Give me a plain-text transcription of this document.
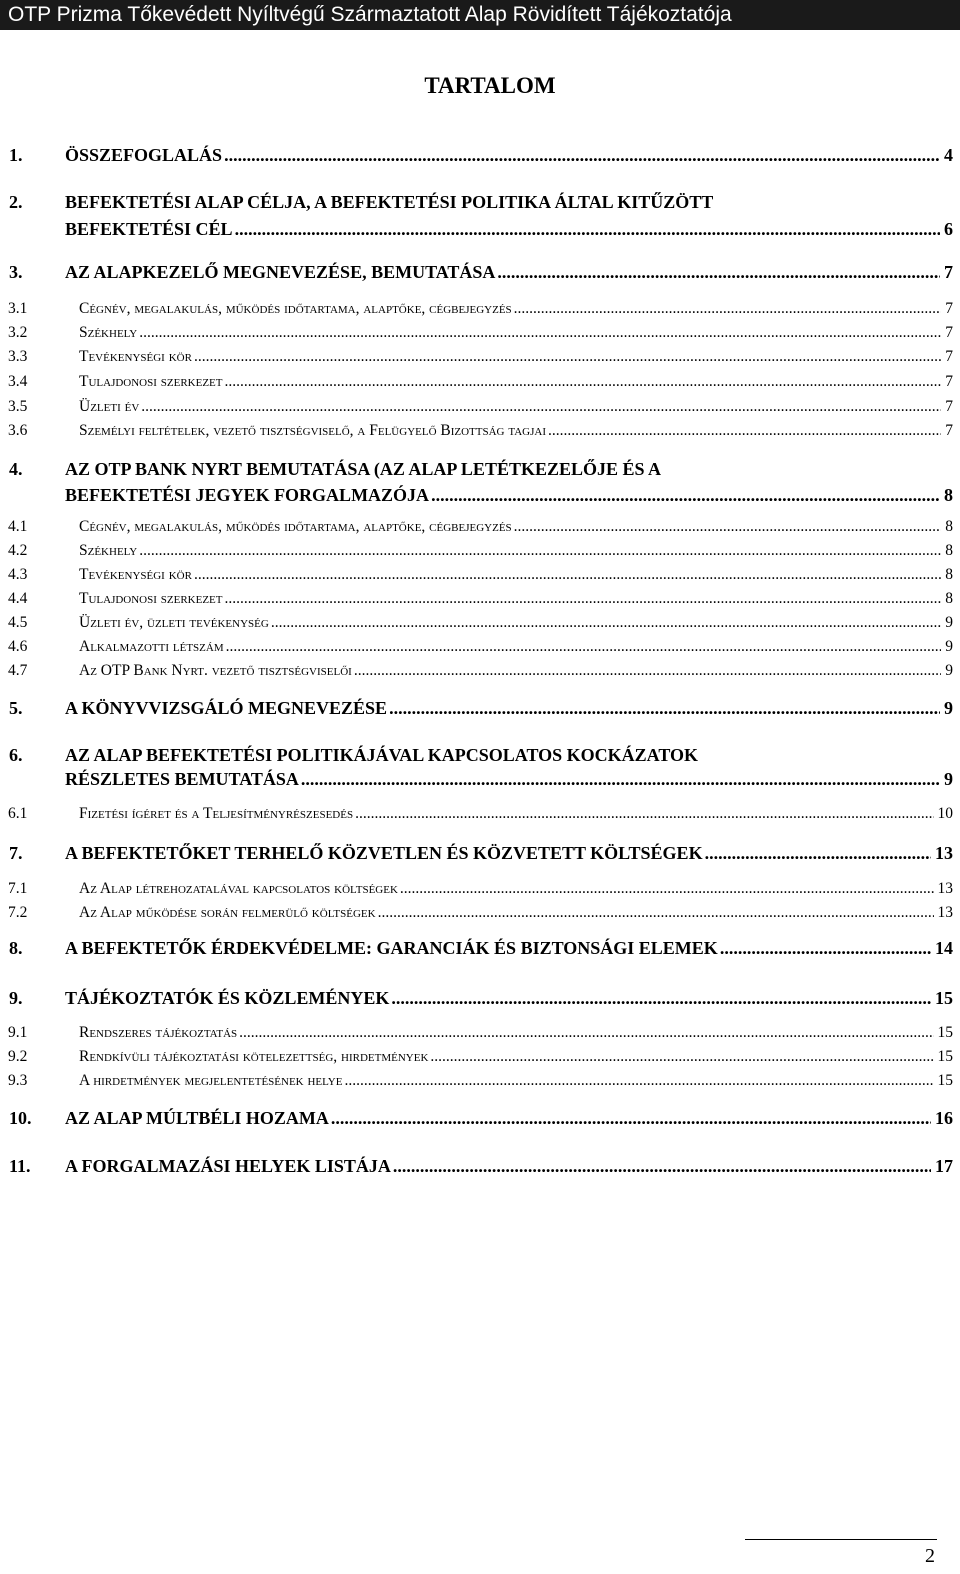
OTP Prizma Tőkevédett Nyíltvégű Származtatott Alap Rövidített Tájékoztatója
TARTALOM
1. ÖSSZEFOGLALÁS .....	4
2. BEFEKTETÉSI ALAP CÉLJA, A BEFEKTETÉSI POLITIKA ÁLTAL KITŰZÖTT
BEFEKTETÉSI CÉL .....	6
3. AZ ALAPKEZELŐ MEGNEVEZÉSE, BEMUTATÁSA .....	7
3.1	Cégnév, megalakulás, működés időtartama, alaptőke, cégbejegyzés .....	7
3.2	Székhely .....	7
3.3	Tevékenységi kör .....	7
3.4	Tulajdonosi szerkezet .....	7
3.5	Üzleti év .....	7
3.6	Személyi feltételek, vezető tisztségviselő, a Felügyelő Bizottság tagjai .....	7
4. AZ OTP BANK NYRT BEMUTATÁSA (AZ ALAP LETÉTKEZELŐJE ÉS A
BEFEKTETÉSI JEGYEK FORGALMAZÓJA .....	8
4.1	Cégnév, megalakulás, működés időtartama, alaptőke, cégbejegyzés .....	8
4.2	Székhely .....	8
4.3	Tevékenységi kör .....	8
4.4	Tulajdonosi szerkezet .....	8
4.5	Üzleti év, üzleti tevékenység .....	9
4.6	Alkalmazotti létszám .....	9
4.7	Az OTP Bank Nyrt. vezető tisztségviselői .....	9
5. A KÖNYVVIZSGÁLÓ MEGNEVEZÉSE .....	9
6. AZ ALAP BEFEKTETÉSI POLITIKÁJÁVAL KAPCSOLATOS KOCKÁZATOK
RÉSZLETES BEMUTATÁSA .....	9
6.1	Fizetési ígéret és a Teljesítményrészesedés .....	10
7. A BEFEKTETŐKET TERHELŐ KÖZVETLEN ÉS KÖZVETETT KÖLTSÉGEK .....	13
7.1	Az Alap létrehozatalával kapcsolatos költségek .....	13
7.2	Az Alap működése során felmerülő költségek .....	13
8. A BEFEKTETŐK ÉRDEKVÉDELME: GARANCIÁK ÉS BIZTONSÁGI ELEMEK .....	14
9. TÁJÉKOZTATÓK ÉS KÖZLEMÉNYEK .....	15
9.1	Rendszeres tájékoztatás .....	15
9.2	Rendkívüli tájékoztatási kötelezettség, hirdetmények .....	15
9.3	A hirdetmények megjelentetésének helye .....	15
10. AZ ALAP MÚLTBÉLI HOZAMA .....	16
11. A FORGALMAZÁSI HELYEK LISTÁJA .....	17
2
